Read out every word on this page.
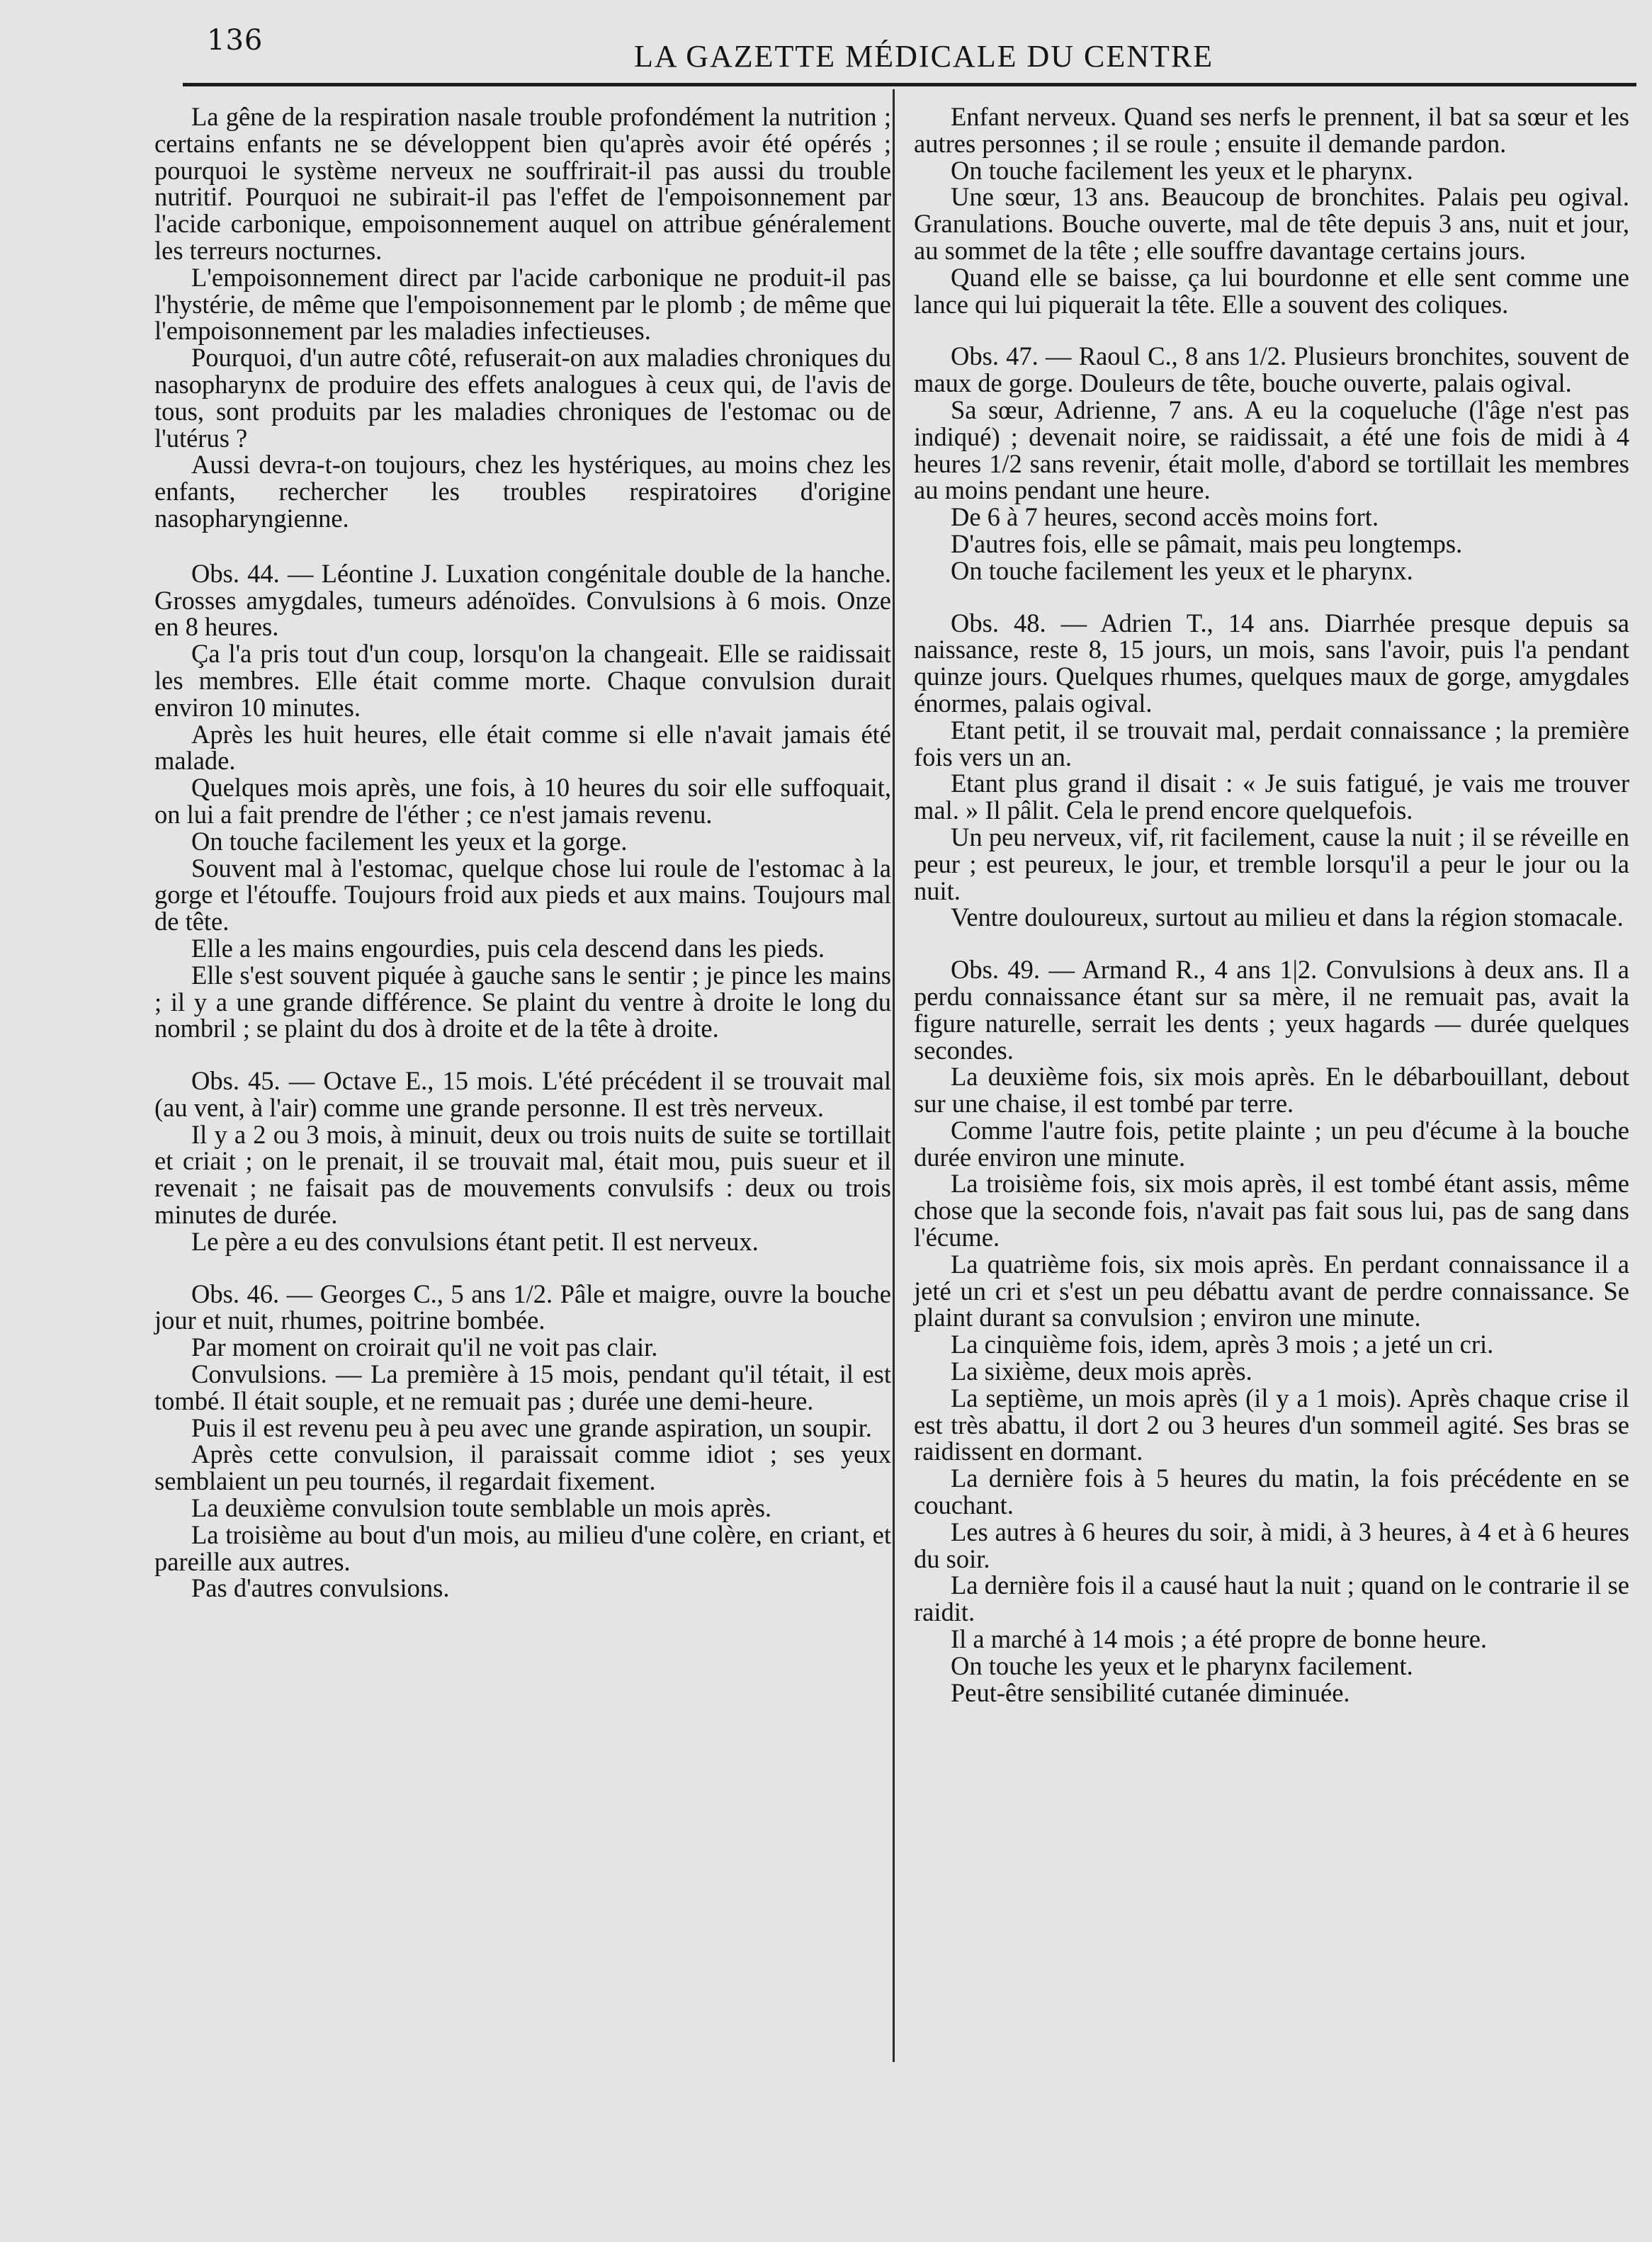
136	LA GAZETTE MÉDICALE DU CENTRE

La gêne de la respiration nasale trouble profondément la nutrition ; certains enfants ne se développent bien qu'après avoir été opérés ; pourquoi le système nerveux ne souffrirait-il pas aussi du trouble nutritif. Pourquoi ne subirait-il pas l'effet de l'empoisonnement par l'acide carbonique, empoisonnement auquel on attribue généralement les terreurs nocturnes.

L'empoisonnement direct par l'acide carbonique ne produit-il pas l'hystérie, de même que l'empoisonnement par le plomb ; de même que l'empoisonnement par les maladies infectieuses.

Pourquoi, d'un autre côté, refuserait-on aux maladies chroniques du nasopharynx de produire des effets analogues à ceux qui, de l'avis de tous, sont produits par les maladies chroniques de l'estomac ou de l'utérus ?

Aussi devra-t-on toujours, chez les hystériques, au moins chez les enfants, rechercher les troubles respiratoires d'origine nasopharyngienne.

Obs. 44. — Léontine J. Luxation congénitale double de la hanche. Grosses amygdales, tumeurs adénoïdes. Convulsions à 6 mois. Onze en 8 heures.

Ça l'a pris tout d'un coup, lorsqu'on la changeait. Elle se raidissait les membres. Elle était comme morte. Chaque convulsion durait environ 10 minutes.

Après les huit heures, elle était comme si elle n'avait jamais été malade.

Quelques mois après, une fois, à 10 heures du soir elle suffoquait, on lui a fait prendre de l'éther ; ce n'est jamais revenu.

On touche facilement les yeux et la gorge.

Souvent mal à l'estomac, quelque chose lui roule de l'estomac à la gorge et l'étouffe. Toujours froid aux pieds et aux mains. Toujours mal de tête.

Elle a les mains engourdies, puis cela descend dans les pieds.

Elle s'est souvent piquée à gauche sans le sentir ; je pince les mains ; il y a une grande différence. Se plaint du ventre à droite le long du nombril ; se plaint du dos à droite et de la tête à droite.

Obs. 45. — Octave E., 15 mois. L'été précédent il se trouvait mal (au vent, à l'air) comme une grande personne. Il est très nerveux.

Il y a 2 ou 3 mois, à minuit, deux ou trois nuits de suite se tortillait et criait ; on le prenait, il se trouvait mal, était mou, puis sueur et il revenait ; ne faisait pas de mouvements convulsifs : deux ou trois minutes de durée.

Le père a eu des convulsions étant petit. Il est nerveux.

Obs. 46. — Georges C., 5 ans 1/2. Pâle et maigre, ouvre la bouche jour et nuit, rhumes, poitrine bombée.

Par moment on croirait qu'il ne voit pas clair.

Convulsions. — La première à 15 mois, pendant qu'il tétait, il est tombé. Il était souple, et ne remuait pas ; durée une demi-heure.

Puis il est revenu peu à peu avec une grande aspiration, un soupir.

Après cette convulsion, il paraissait comme idiot ; ses yeux semblaient un peu tournés, il regardait fixement.

La deuxième convulsion toute semblable un mois après.

La troisième au bout d'un mois, au milieu d'une colère, en criant, et pareille aux autres.

Pas d'autres convulsions.

Enfant nerveux. Quand ses nerfs le prennent, il bat sa sœur et les autres personnes ; il se roule ; ensuite il demande pardon.

On touche facilement les yeux et le pharynx.

Une sœur, 13 ans. Beaucoup de bronchites. Palais peu ogival. Granulations. Bouche ouverte, mal de tête depuis 3 ans, nuit et jour, au sommet de la tête ; elle souffre davantage certains jours.

Quand elle se baisse, ça lui bourdonne et elle sent comme une lance qui lui piquerait la tête. Elle a souvent des coliques.

Obs. 47. — Raoul C., 8 ans 1/2. Plusieurs bronchites, souvent de maux de gorge. Douleurs de tête, bouche ouverte, palais ogival.

Sa sœur, Adrienne, 7 ans. A eu la coqueluche (l'âge n'est pas indiqué) ; devenait noire, se raidissait, a été une fois de midi à 4 heures 1/2 sans revenir, était molle, d'abord se tortillait les membres au moins pendant une heure.

De 6 à 7 heures, second accès moins fort.

D'autres fois, elle se pâmait, mais peu longtemps.

On touche facilement les yeux et le pharynx.

Obs. 48. — Adrien T., 14 ans. Diarrhée presque depuis sa naissance, reste 8, 15 jours, un mois, sans l'avoir, puis l'a pendant quinze jours. Quelques rhumes, quelques maux de gorge, amygdales énormes, palais ogival.

Etant petit, il se trouvait mal, perdait connaissance ; la première fois vers un an.

Etant plus grand il disait : « Je suis fatigué, je vais me trouver mal. » Il pâlit. Cela le prend encore quelquefois.

Un peu nerveux, vif, rit facilement, cause la nuit ; il se réveille en peur ; est peureux, le jour, et tremble lorsqu'il a peur le jour ou la nuit.

Ventre douloureux, surtout au milieu et dans la région stomacale.

Obs. 49. — Armand R., 4 ans 1|2. Convulsions à deux ans. Il a perdu connaissance étant sur sa mère, il ne remuait pas, avait la figure naturelle, serrait les dents ; yeux hagards — durée quelques secondes.

La deuxième fois, six mois après. En le débarbouillant, debout sur une chaise, il est tombé par terre.

Comme l'autre fois, petite plainte ; un peu d'écume à la bouche durée environ une minute.

La troisième fois, six mois après, il est tombé étant assis, même chose que la seconde fois, n'avait pas fait sous lui, pas de sang dans l'écume.

La quatrième fois, six mois après. En perdant connaissance il a jeté un cri et s'est un peu débattu avant de perdre connaissance. Se plaint durant sa convulsion ; environ une minute.

La cinquième fois, idem, après 3 mois ; a jeté un cri.

La sixième, deux mois après.

La septième, un mois après (il y a 1 mois). Après chaque crise il est très abattu, il dort 2 ou 3 heures d'un sommeil agité. Ses bras se raidissent en dormant.

La dernière fois à 5 heures du matin, la fois précédente en se couchant.

Les autres à 6 heures du soir, à midi, à 3 heures, à 4 et à 6 heures du soir.

La dernière fois il a causé haut la nuit ; quand on le contrarie il se raidit.

Il a marché à 14 mois ; a été propre de bonne heure.

On touche les yeux et le pharynx facilement.

Peut-être sensibilité cutanée diminuée.
